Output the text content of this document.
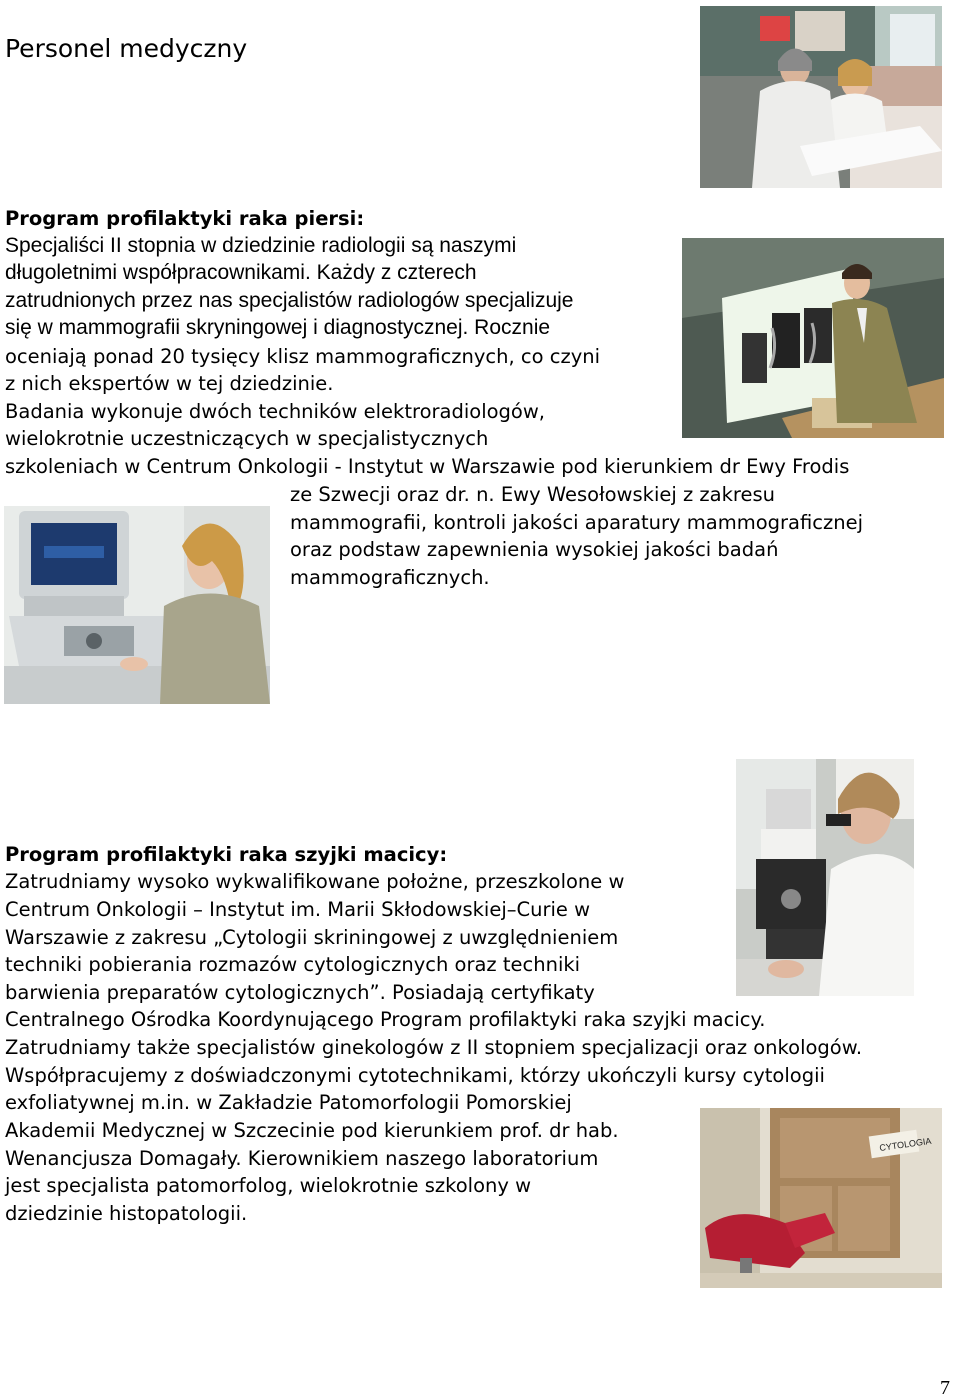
Personel medyczny
Program profilaktyki raka piersi:
Specjaliści II stopnia w dziedzinie radiologii są naszymi
długoletnimi współpracownikami. Każdy z czterech
zatrudnionych przez nas specjalistów radiologów specjalizuje
się w mammografii skryningowej i diagnostycznej. Rocznie
oceniają ponad 20 tysięcy klisz mammograficznych, co czyni
z nich ekspertów w tej dziedzinie.
Badania wykonuje dwóch techników elektroradiologów,
wielokrotnie uczestniczących w specjalistycznych
szkoleniach w Centrum Onkologii - Instytut w Warszawie pod kierunkiem dr Ewy Frodis
ze Szwecji oraz dr. n. Ewy Wesołowskiej z zakresu
mammografii, kontroli jakości aparatury mammograficznej
oraz podstaw zapewnienia wysokiej jakości badań
mammograficznych.
Program profilaktyki raka szyjki macicy:
Zatrudniamy wysoko wykwalifikowane położne, przeszkolone w
Centrum Onkologii – Instytut im. Marii Skłodowskiej–Curie w
Warszawie z zakresu „Cytologii skriningowej z uwzględnieniem
techniki pobierania rozmazów cytologicznych oraz techniki
barwienia preparatów cytologicznych”. Posiadają certyfikaty
Centralnego Ośrodka Koordynującego Program profilaktyki raka szyjki macicy.
Zatrudniamy także specjalistów ginekologów z II stopniem specjalizacji oraz onkologów.
Współpracujemy z doświadczonymi cytotechnikami, którzy ukończyli kursy cytologii
exfoliatywnej m.in. w Zakładzie Patomorfologii Pomorskiej
Akademii Medycznej w Szczecinie pod kierunkiem prof. dr hab.
Wenancjusza Domagały. Kierownikiem naszego laboratorium
jest specjalista patomorfolog, wielokrotnie szkolony w
dziedzinie histopatologii.
CYTOLOGIA
7
